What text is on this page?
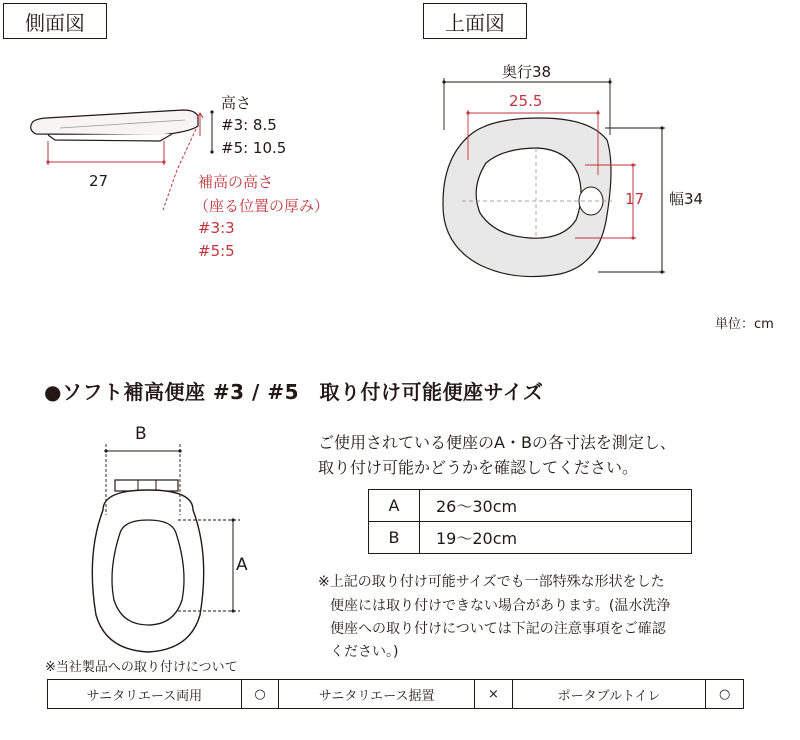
側面図	上面図
高さ
#3: 8.5
#5: 10.5
27	補高の高さ
（座る位置の厚み）
#3:3
#5:5
奥行38
25.5
17 幅34
単位：cm
●ソフト補高便座 #3 / #5　取り付け可能便座サイズ
B
A
ご使用されている便座のA・Bの各寸法を測定し、
取り付け可能かどうかを確認してください。
A	26〜30cm
B	19〜20cm
※上記の取り付け可能サイズでも一部特殊な形状をした
便座には取り付けできない場合があります。(温水洗浄
便座への取り付けについては下記の注意事項をご確認
ください。)
※当社製品への取り付けについて
サニタリエース両用	○	サニタリエース据置	×	ポータブルトイレ	○
